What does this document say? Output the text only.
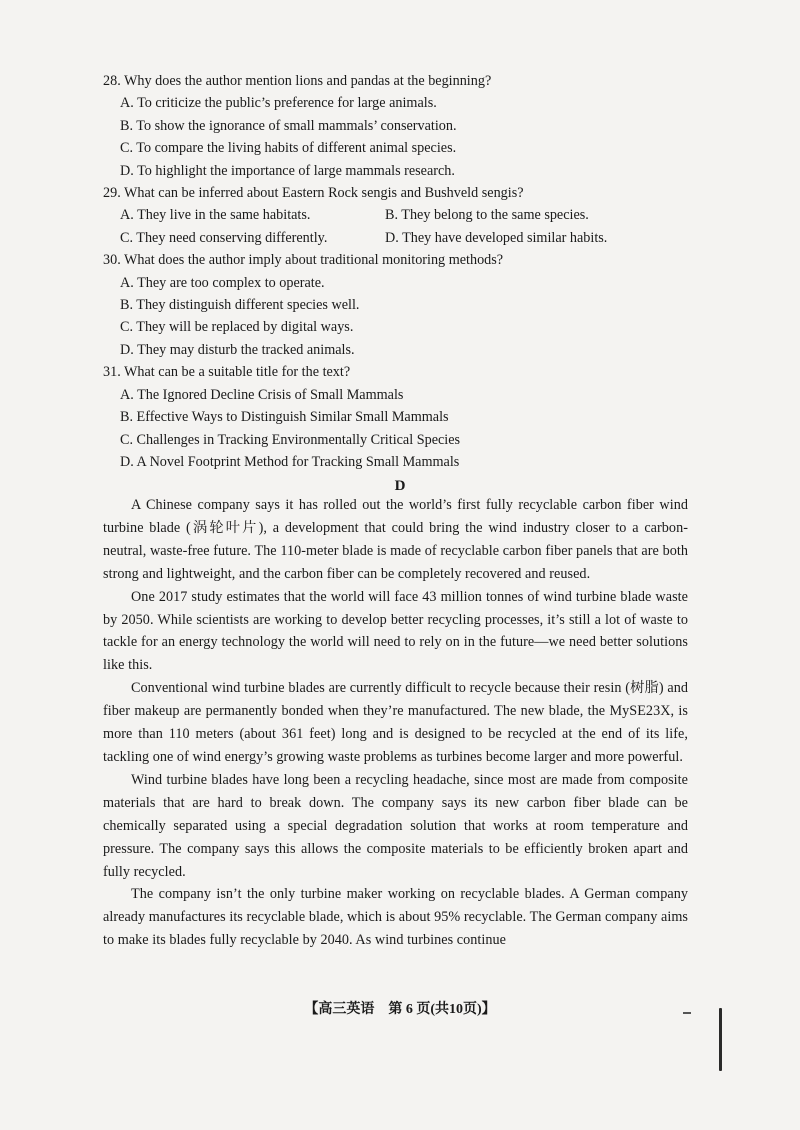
28. Why does the author mention lions and pandas at the beginning?
A. To criticize the public’s preference for large animals.
B. To show the ignorance of small mammals’ conservation.
C. To compare the living habits of different animal species.
D. To highlight the importance of large mammals research.
29. What can be inferred about Eastern Rock sengis and Bushveld sengis?
A. They live in the same habitats.	B. They belong to the same species.
C. They need conserving differently.	D. They have developed similar habits.
30. What does the author imply about traditional monitoring methods?
A. They are too complex to operate.
B. They distinguish different species well.
C. They will be replaced by digital ways.
D. They may disturb the tracked animals.
31. What can be a suitable title for the text?
A. The Ignored Decline Crisis of Small Mammals
B. Effective Ways to Distinguish Similar Small Mammals
C. Challenges in Tracking Environmentally Critical Species
D. A Novel Footprint Method for Tracking Small Mammals
D

A Chinese company says it has rolled out the world’s first fully recyclable carbon fiber wind turbine blade (涡轮叶片), a development that could bring the wind industry closer to a carbon-neutral, waste-free future. The 110-meter blade is made of recyclable carbon fiber panels that are both strong and lightweight, and the carbon fiber can be completely recovered and reused.

One 2017 study estimates that the world will face 43 million tonnes of wind turbine blade waste by 2050. While scientists are working to develop better recycling processes, it’s still a lot of waste to tackle for an energy technology the world will need to rely on in the future—we need better solutions like this.

Conventional wind turbine blades are currently difficult to recycle because their resin (树脂) and fiber makeup are permanently bonded when they’re manufactured. The new blade, the MySE23X, is more than 110 meters (about 361 feet) long and is designed to be recycled at the end of its life, tackling one of wind energy’s growing waste problems as turbines become larger and more powerful.

Wind turbine blades have long been a recycling headache, since most are made from composite materials that are hard to break down. The company says its new carbon fiber blade can be chemically separated using a special degradation solution that works at room temperature and pressure. The company says this allows the composite materials to be efficiently broken apart and fully recycled.

The company isn’t the only turbine maker working on recyclable blades. A German company already manufactures its recyclable blade, which is about 95% recyclable. The German company aims to make its blades fully recyclable by 2040. As wind turbines continue

【高三英语　第 6 页(共10页)】
